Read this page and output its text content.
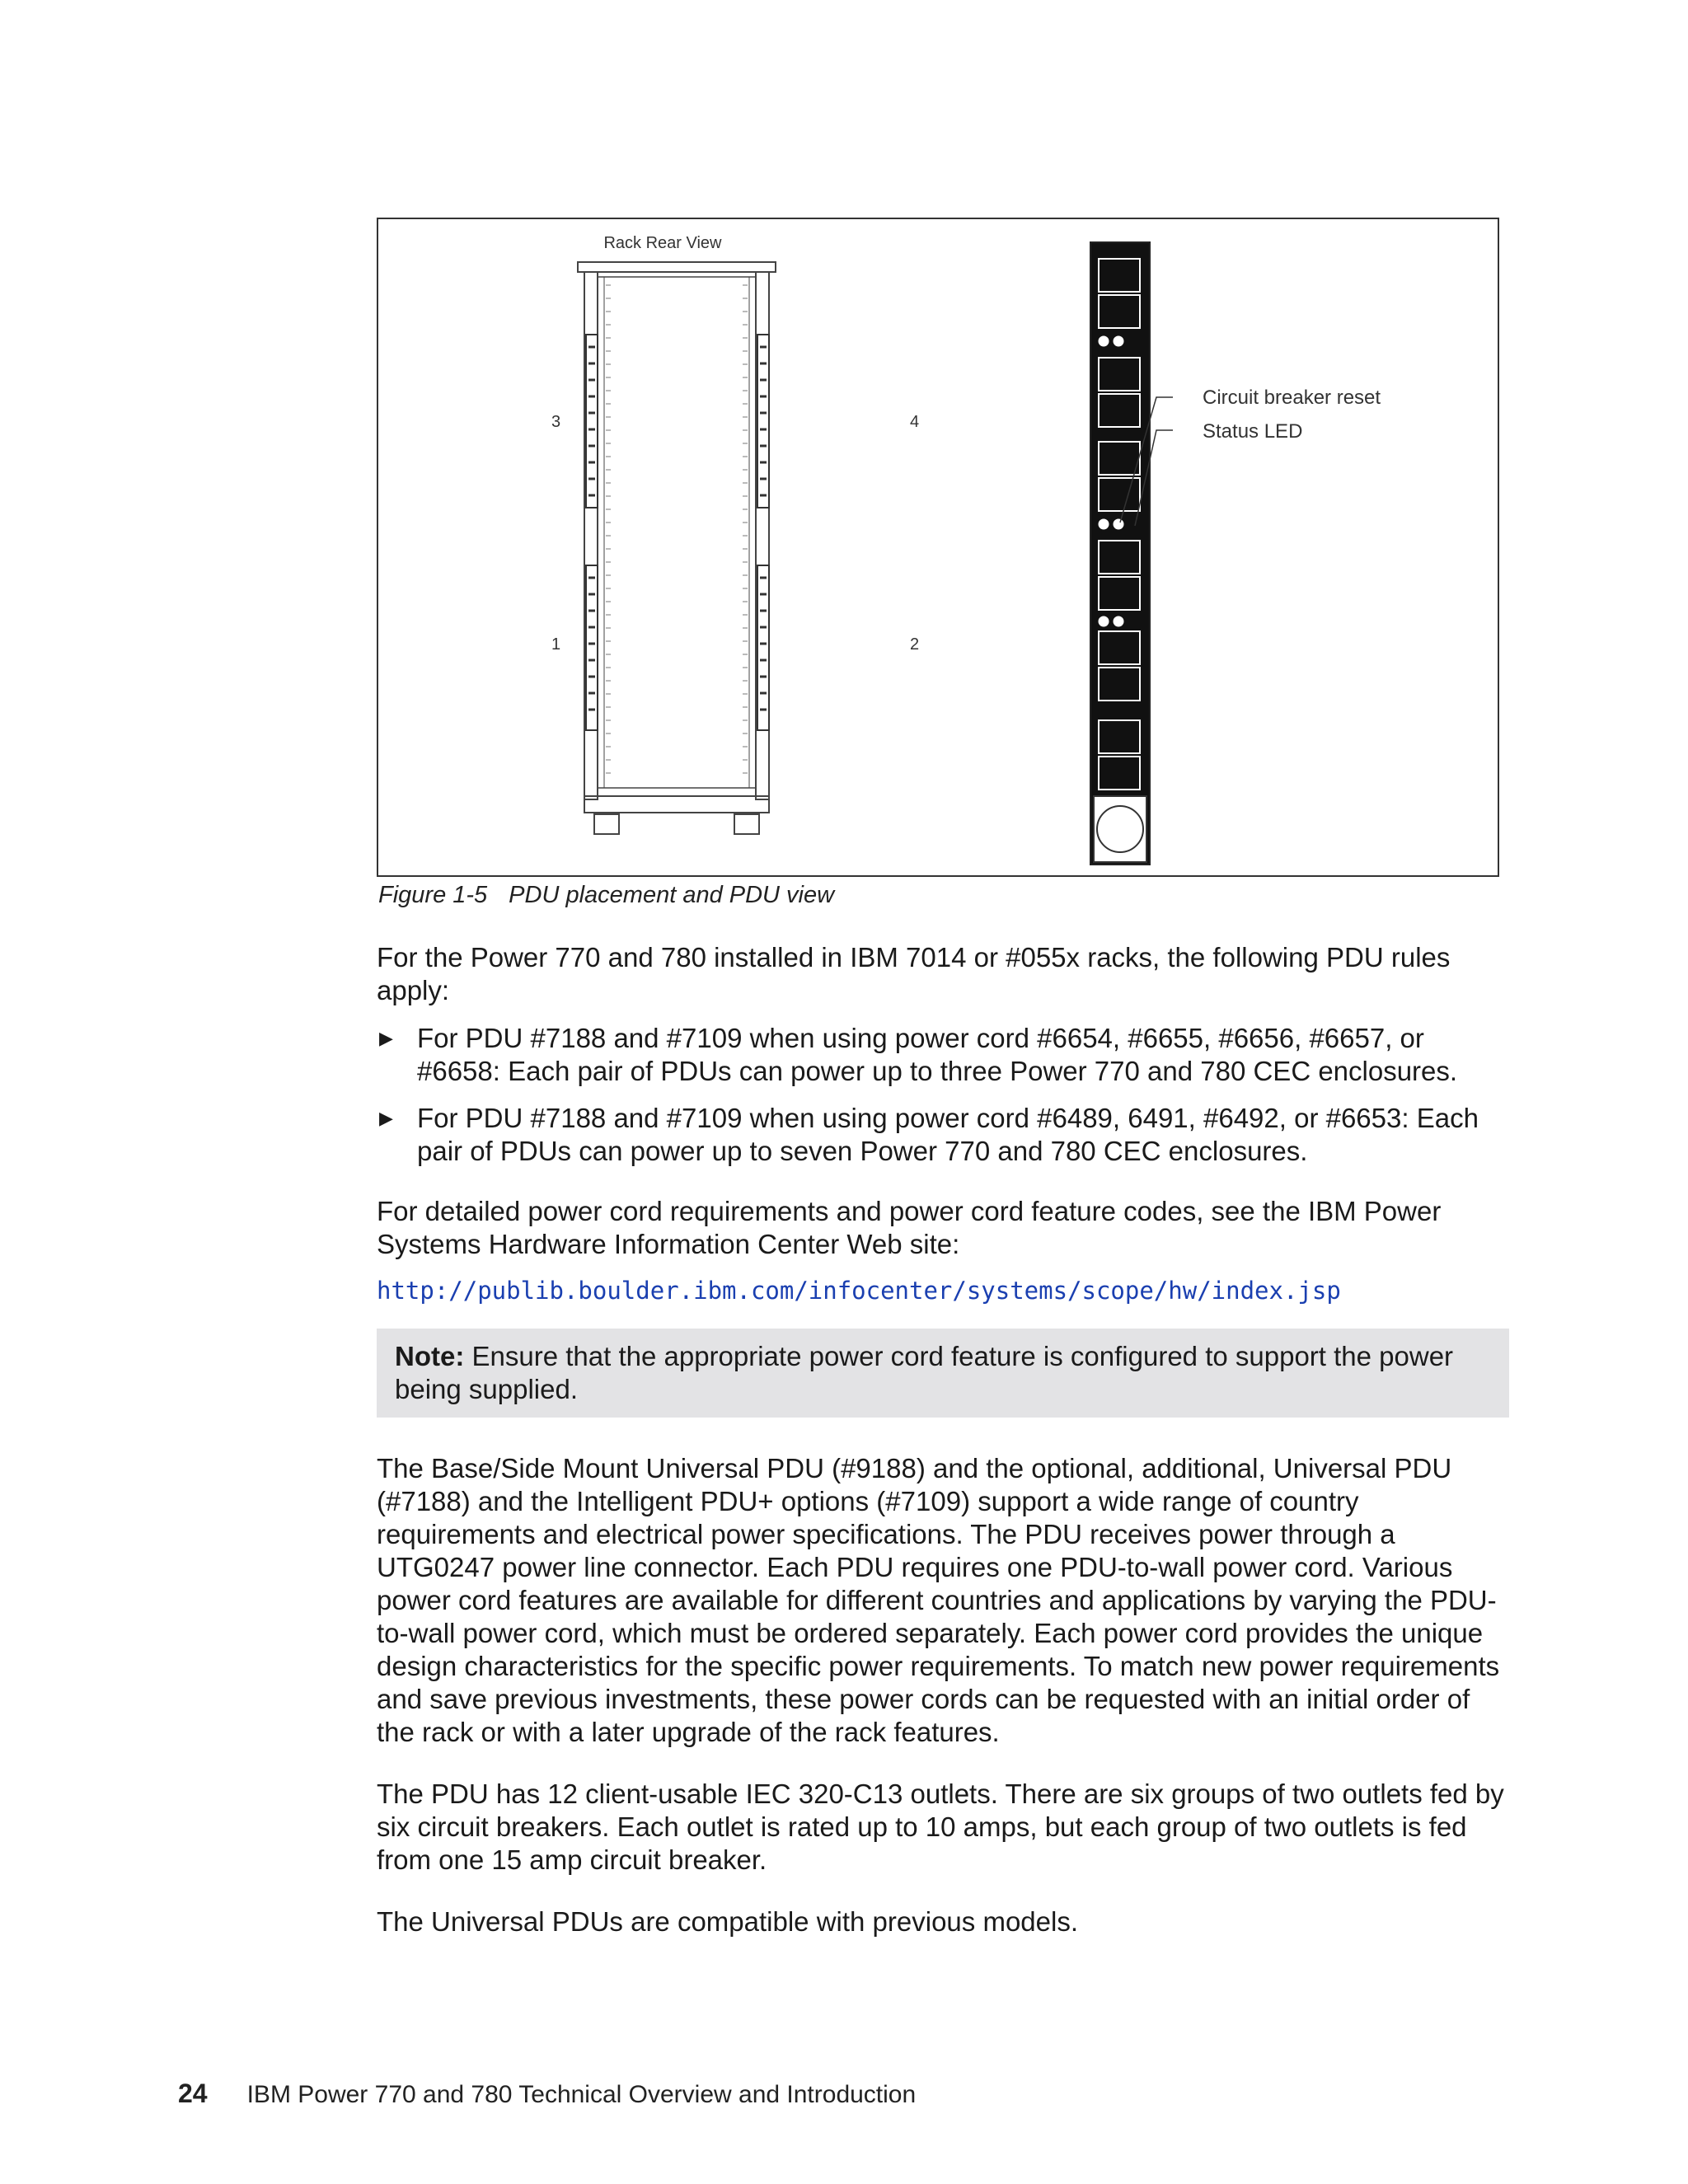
Rack Rear View
3	4
1	2
Circuit breaker reset
Status LED
Figure 1-5 PDU placement and PDU view
For the Power 770 and 780 installed in IBM 7014 or #055x racks, the following PDU rules apply:
▶ For PDU #7188 and #7109 when using power cord #6654, #6655, #6656, #6657, or #6658: Each pair of PDUs can power up to three Power 770 and 780 CEC enclosures.
▶ For PDU #7188 and #7109 when using power cord #6489, 6491, #6492, or #6653: Each pair of PDUs can power up to seven Power 770 and 780 CEC enclosures.
For detailed power cord requirements and power cord feature codes, see the IBM Power Systems Hardware Information Center Web site:
http://publib.boulder.ibm.com/infocenter/systems/scope/hw/index.jsp
Note: Ensure that the appropriate power cord feature is configured to support the power being supplied.
The Base/Side Mount Universal PDU (#9188) and the optional, additional, Universal PDU (#7188) and the Intelligent PDU+ options (#7109) support a wide range of country requirements and electrical power specifications. The PDU receives power through a UTG0247 power line connector. Each PDU requires one PDU-to-wall power cord. Various power cord features are available for different countries and applications by varying the PDU-to-wall power cord, which must be ordered separately. Each power cord provides the unique design characteristics for the specific power requirements. To match new power requirements and save previous investments, these power cords can be requested with an initial order of the rack or with a later upgrade of the rack features.
The PDU has 12 client-usable IEC 320-C13 outlets. There are six groups of two outlets fed by six circuit breakers. Each outlet is rated up to 10 amps, but each group of two outlets is fed from one 15 amp circuit breaker.
The Universal PDUs are compatible with previous models.
24 IBM Power 770 and 780 Technical Overview and Introduction
